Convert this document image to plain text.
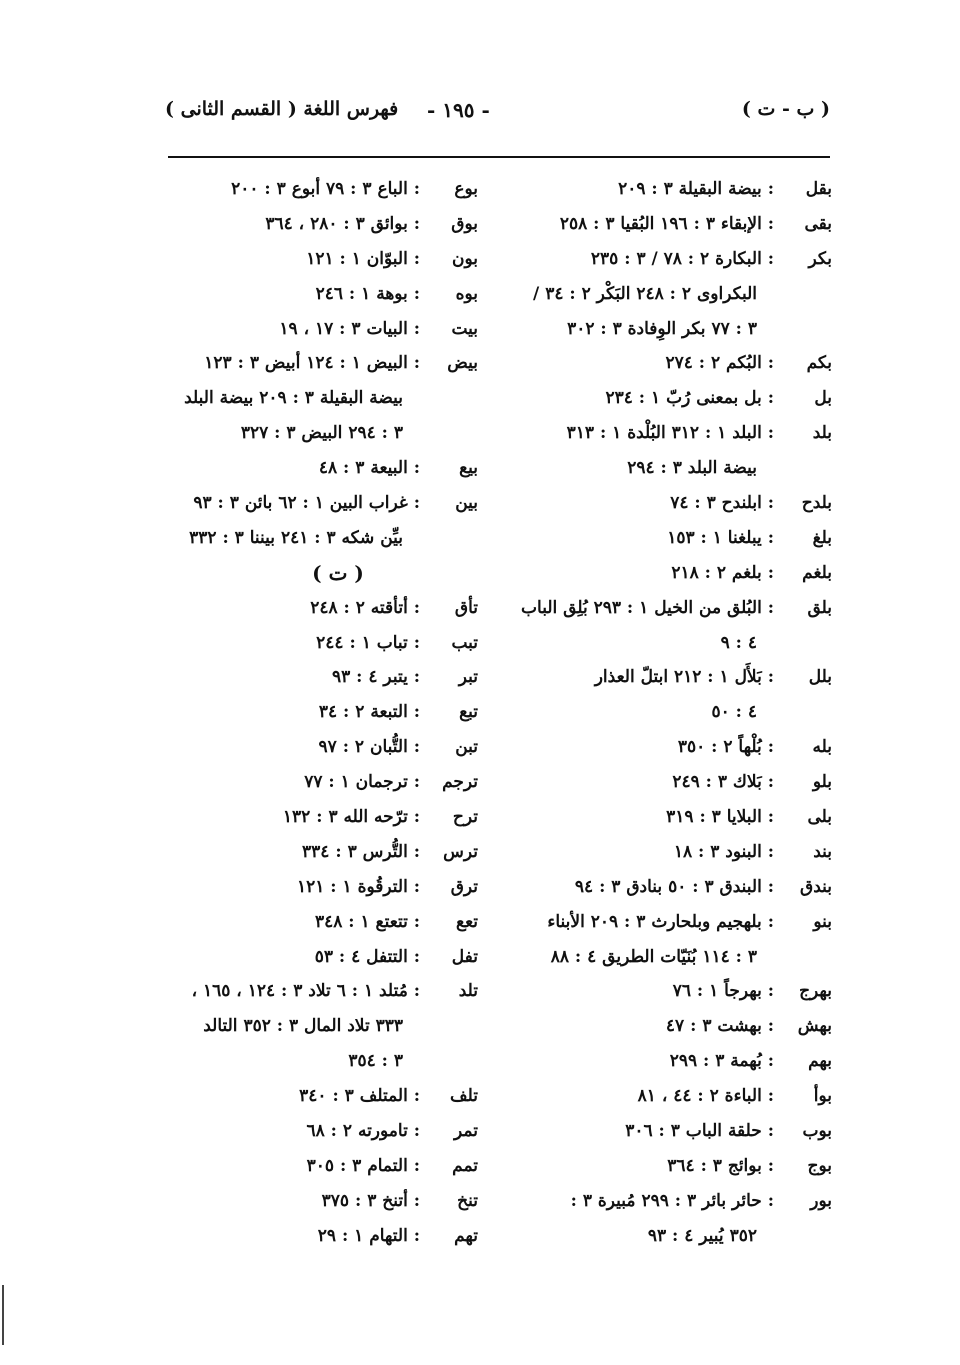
فهرس اللغة ( القسم الثانى ) - ١٩٥ -	( ب - ت )
بقل
: بيضة البقيلة ٣ : ٢٠٩
بقى
: الإبقاء ٣ : ١٩٦ البُقيا ٣ : ٢٥٨
بكر
: البكارة ٢ : ٧٨ / ٣ : ٢٣٥
البكراوى ٢ : ٢٤٨ البَكْر ٢ : ٣٤ /
٣ : ٧٧ بكر الوِفادة ٣ : ٣٠٢
بكم
: البُكم ٢ : ٢٧٤
بل
: بل بمعنى رُبّ ١ : ٢٣٤
بلد
: البلد ١ : ٣١٢ البُلْدة ١ : ٣١٣
بيضة البلد ٣ : ٢٩٤
بلدح
: ابلندح ٣ : ٧٤
بلغ
: يبلغنا ١ : ١٥٣
بلغم
: بلغم ٢ : ٢١٨
بلق
: البُلق من الخيل ١ : ٢٩٣ بُلِق الباب
٤ : ٩
بلل
: بَلأَل ١ : ٢١٢ ابتلّ العذار
٤ : ٥٠
بله
: بُلْهاً ٢ : ٣٥٠
بلو
: بَلاك ٣ : ٢٤٩
بلى
: البلايا ٣ : ٣١٩
بند
: البنود ٣ : ١٨
بندق
: البندق ٣ : ٥٠ بنادق ٣ : ٩٤
بنو
: بلهجيم وبلحارث ٣ : ٢٠٩ الأبناء
٣ : ١١٤ بُنَيّات الطريق ٤ : ٨٨
بهرج
: بهرجاً ١ : ٧٦
بهش
: بهشت ٣ : ٤٧
بهم
: بُهمة ٣ : ٢٩٩
بوأ
: الباءة ٢ : ٤٤ ، ٨١
بوب
: حلقة الباب ٣ : ٣٠٦
بوج
: بوائج ٣ : ٣٦٤
بور
: حائر بائر ٣ : ٢٩٩ مُبيرة ٣ :
٣٥٢ يُبير ٤ : ٩٣
بوع
: الباع ٣ : ٧٩ أبوع ٣ : ٢٠٠
بوق
: بوائق ٣ : ٢٨٠ ، ٣٦٤
بون
: البوّان ١ : ١٢١
بوه
: بوهة ١ : ٢٤٦
بيت
: البيات ٣ : ١٧ ، ١٩
بيض
: البيض ١ : ١٢٤ أبيض ٣ : ١٢٣
بيضة البقيلة ٣ : ٢٠٩ بيضة البلد
٣ : ٢٩٤ البيض ٣ : ٣٢٧
بيع
: البيعة ٣ : ٤٨
بين
: غراب البين ١ : ٦٢ بائن ٣ : ٩٣
بيِّن شكه ٣ : ٢٤١ بيننا ٣ : ٣٣٢
( ت )
تأق
: أتأقته ٢ : ٢٤٨
تبب
: تباب ١ : ٢٤٤
تبر
: يتبر ٤ : ٩٣
تبع
: التبعة ٢ : ٣٤
تبن
: التُّبان ٢ : ٩٧
ترجم
: ترجمان ١ : ٧٧
ترح
: ترّحه الله ٣ : ١٣٢
ترس
: التُّرس ٣ : ٣٣٤
ترق
: الترقُوة ١ : ١٢١
تعع
: تتعتع ١ : ٣٤٨
تفل
: التتفل ٤ : ٥٣
تلد
: مُتلد ١ : ٦ تلاد ٣ : ١٢٤ ، ١٦٥ ،
٣٣٣ تلاد المال ٣ : ٣٥٢ التالد
٣ : ٣٥٤
تلف
: المتلف ٣ : ٣٤٠
تمر
: تامورته ٢ : ٦٨
تمم
: التمام ٣ : ٣٠٥
تنخ
: أتنخ ٣ : ٣٧٥
تهم
: التهام ١ : ٢٩
